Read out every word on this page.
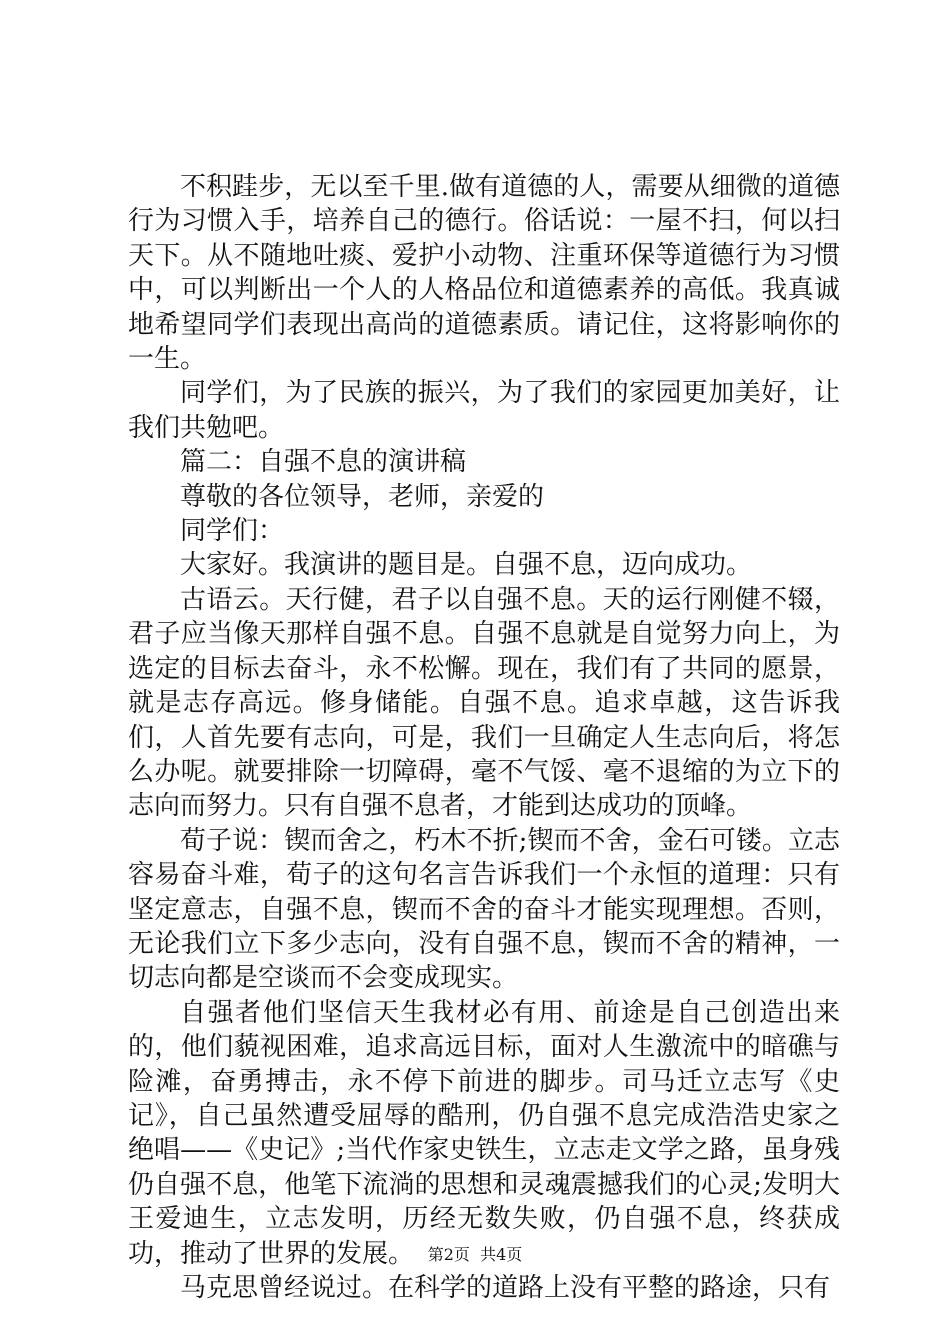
不积跬步，无以至千里.做有道德的人，需要从细微的道德行为习惯入手，培养自己的德行。俗话说：一屋不扫，何以扫天下。从不随地吐痰、爱护小动物、注重环保等道德行为习惯中，可以判断出一个人的人格品位和道德素养的高低。我真诚地希望同学们表现出高尚的道德素质。请记住，这将影响你的一生。

同学们，为了民族的振兴，为了我们的家园更加美好，让我们共勉吧。

篇二：自强不息的演讲稿

尊敬的各位领导，老师，亲爱的

同学们：

大家好。我演讲的题目是。自强不息，迈向成功。

古语云。天行健，君子以自强不息。天的运行刚健不辍，君子应当像天那样自强不息。自强不息就是自觉努力向上，为选定的目标去奋斗，永不松懈。现在，我们有了共同的愿景，就是志存高远。修身储能。自强不息。追求卓越，这告诉我们，人首先要有志向，可是，我们一旦确定人生志向后，将怎么办呢。就要排除一切障碍，毫不气馁、毫不退缩的为立下的志向而努力。只有自强不息者，才能到达成功的顶峰。

荀子说：锲而舍之，朽木不折;锲而不舍，金石可镂。立志容易奋斗难，荀子的这句名言告诉我们一个永恒的道理：只有坚定意志，自强不息，锲而不舍的奋斗才能实现理想。否则，无论我们立下多少志向，没有自强不息，锲而不舍的精神，一切志向都是空谈而不会变成现实。

自强者他们坚信天生我材必有用、前途是自己创造出来的，他们藐视困难，追求高远目标，面对人生激流中的暗礁与险滩，奋勇搏击，永不停下前进的脚步。司马迁立志写《史记》，自己虽然遭受屈辱的酷刑，仍自强不息完成浩浩史家之绝唱——《史记》;当代作家史铁生，立志走文学之路，虽身残仍自强不息，他笔下流淌的思想和灵魂震撼我们的心灵;发明大王爱迪生，立志发明，历经无数失败，仍自强不息，终获成功，推动了世界的发展。

马克思曾经说过。在科学的道路上没有平整的路途，只有

第2页 共4页
